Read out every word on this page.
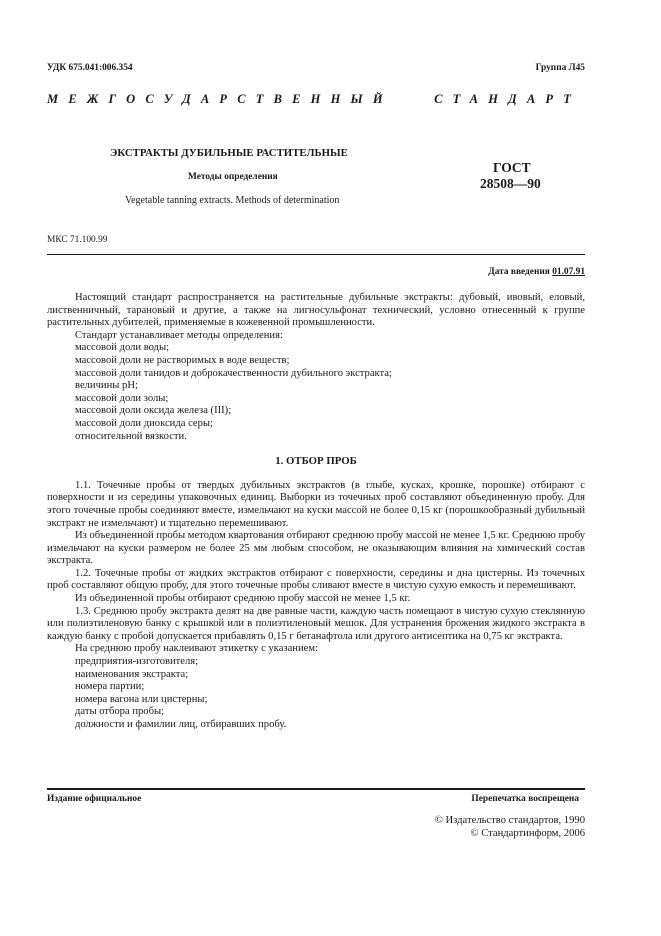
УДК 675.041:006.354	Группа Л45
МЕЖГОСУДАРСТВЕННЫЙ СТАНДАРТ
ЭКСТРАКТЫ ДУБИЛЬНЫЕ РАСТИТЕЛЬНЫЕ
Методы определения
Vegetable tanning extracts. Methods of determination
ГОСТ
28508—90
МКС 71.100.99
Дата введения 01.07.91

Настоящий стандарт распространяется на растительные дубильные экстракты: дубовый, ивовый, еловый, лиственничный, тарановый и другие, а также на лигносульфонат технический, условно отнесенный к группе растительных дубителей, применяемые в кожевенной промышленности.

Стандарт устанавливает методы определения:

массовой доли воды;

массовой доли не растворимых в воде веществ;

массовой доли танидов и доброкачественности дубильного экстракта;

величины pH;

массовой доли золы;

массовой доли оксида железа (III);

массовой доли диоксида серы;

относительной вязкости.

1. ОТБОР ПРОБ

1.1. Точечные пробы от твердых дубильных экстрактов (в глыбе, кусках, крошке, порошке) отбирают с поверхности и из середины упаковочных единиц. Выборки из точечных проб составляют объединенную пробу. Для этого точечные пробы соединяют вместе, измельчают на куски массой не более 0,15 кг (порошкообразный дубильный экстракт не измельчают) и тщательно перемешивают.

Из объединенной пробы методом квартования отбирают среднюю пробу массой не менее 1,5 кг. Среднюю пробу измельчают на куски размером не более 25 мм любым способом, не оказывающим влияния на химический состав экстракта.

1.2. Точечные пробы от жидких экстрактов отбирают с поверхности, середины и дна цистерны. Из точечных проб составляют общую пробу, для этого точечные пробы сливают вместе в чистую сухую емкость и перемешивают.

Из объединенной пробы отбирают среднюю пробу массой не менее 1,5 кг.

1.3. Среднюю пробу экстракта делят на две равные части, каждую часть помещают в чистую сухую стеклянную или полиэтиленовую банку с крышкой или в полиэтиленовый мешок. Для устранения брожения жидкого экстракта в каждую банку с пробой допускается прибавлять 0,15 г бетанафтола или другого антисептика на 0,75 кг экстракта.

На среднюю пробу наклеивают этикетку с указанием:

предприятия-изготовителя;

наименования экстракта;

номера партии;

номера вагона или цистерны;

даты отбора пробы;

должности и фамилии лиц, отбиравших пробу.

Издание официальное	Перепечатка воспрещена
© Издательство стандартов, 1990
© Стандартинформ, 2006
